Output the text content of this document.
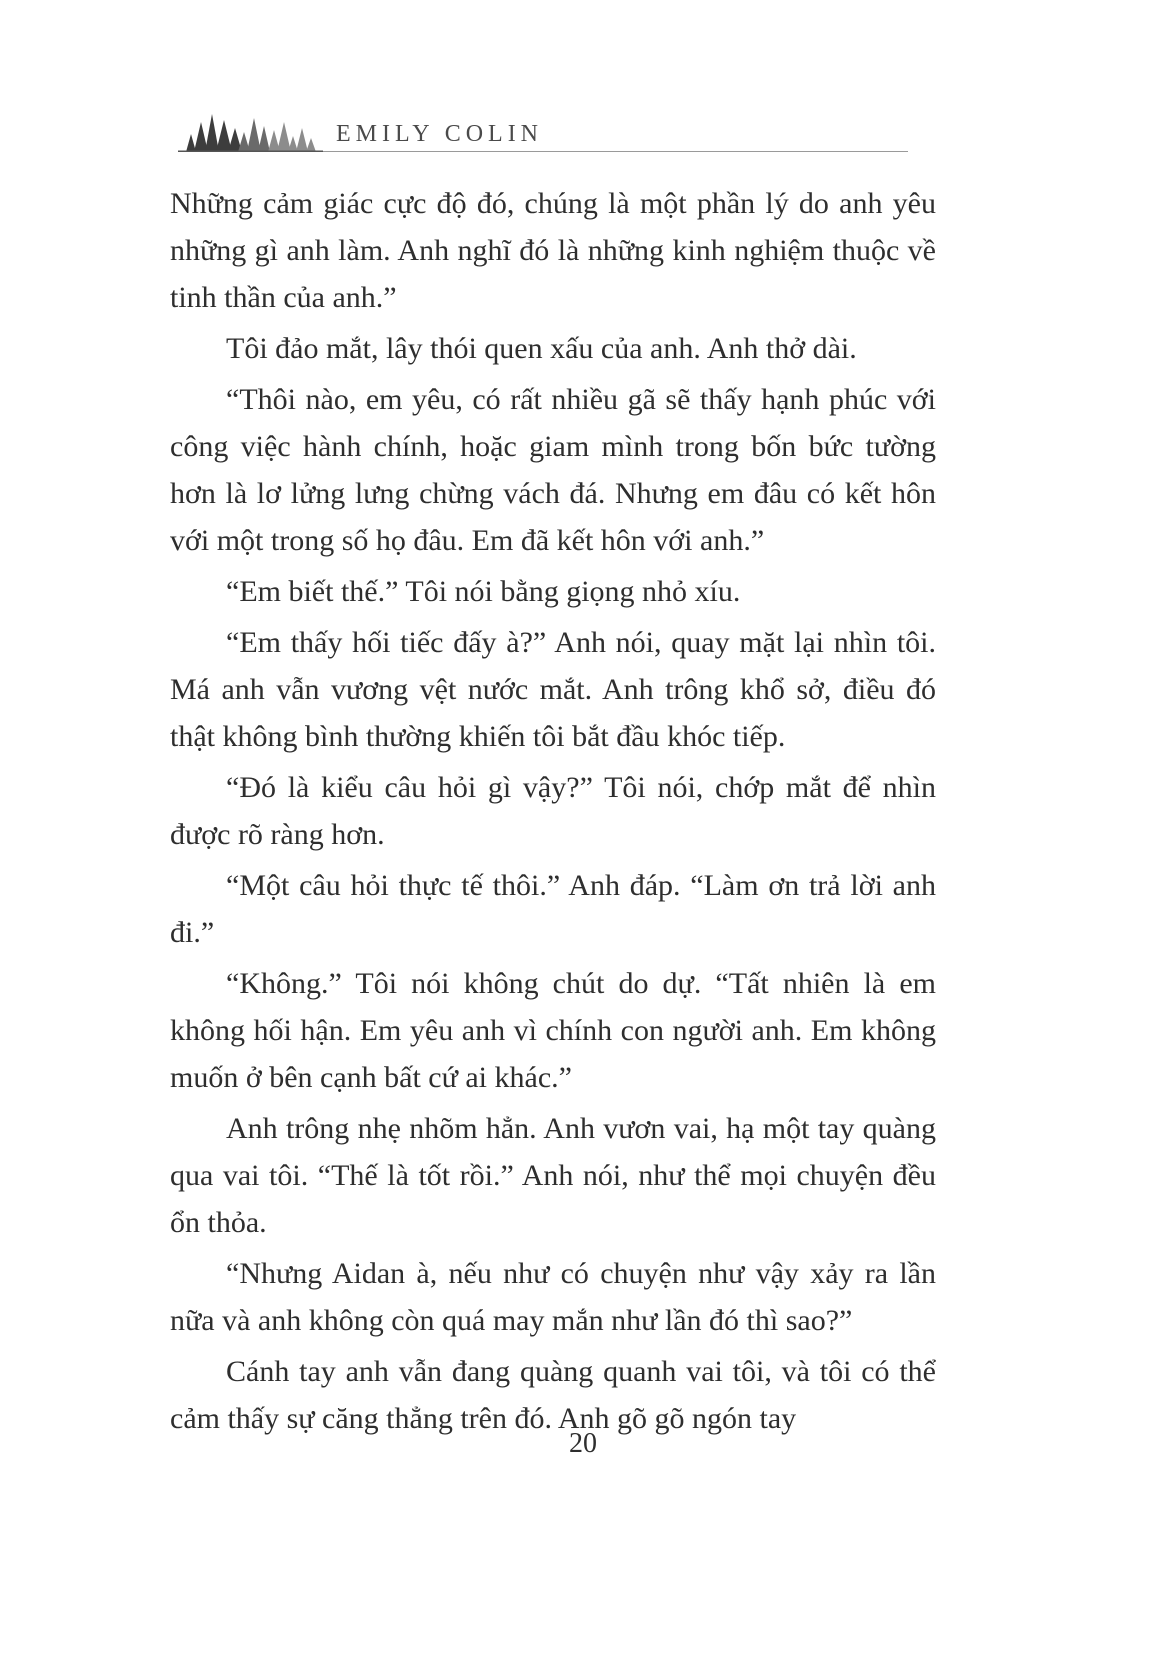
EMILY COLIN

Những cảm giác cực độ đó, chúng là một phần lý do anh yêu những gì anh làm. Anh nghĩ đó là những kinh nghiệm thuộc về tinh thần của anh.”

Tôi đảo mắt, lây thói quen xấu của anh. Anh thở dài.

“Thôi nào, em yêu, có rất nhiều gã sẽ thấy hạnh phúc với công việc hành chính, hoặc giam mình trong bốn bức tường hơn là lơ lửng lưng chừng vách đá. Nhưng em đâu có kết hôn với một trong số họ đâu. Em đã kết hôn với anh.”

“Em biết thế.” Tôi nói bằng giọng nhỏ xíu.

“Em thấy hối tiếc đấy à?” Anh nói, quay mặt lại nhìn tôi. Má anh vẫn vương vệt nước mắt. Anh trông khổ sở, điều đó thật không bình thường khiến tôi bắt đầu khóc tiếp.

“Đó là kiểu câu hỏi gì vậy?” Tôi nói, chớp mắt để nhìn được rõ ràng hơn.

“Một câu hỏi thực tế thôi.” Anh đáp. “Làm ơn trả lời anh đi.”

“Không.” Tôi nói không chút do dự. “Tất nhiên là em không hối hận. Em yêu anh vì chính con người anh. Em không muốn ở bên cạnh bất cứ ai khác.”

Anh trông nhẹ nhõm hẳn. Anh vươn vai, hạ một tay quàng qua vai tôi. “Thế là tốt rồi.” Anh nói, như thể mọi chuyện đều ổn thỏa.

“Nhưng Aidan à, nếu như có chuyện như vậy xảy ra lần nữa và anh không còn quá may mắn như lần đó thì sao?”

Cánh tay anh vẫn đang quàng quanh vai tôi, và tôi có thể cảm thấy sự căng thẳng trên đó. Anh gõ gõ ngón tay

20
